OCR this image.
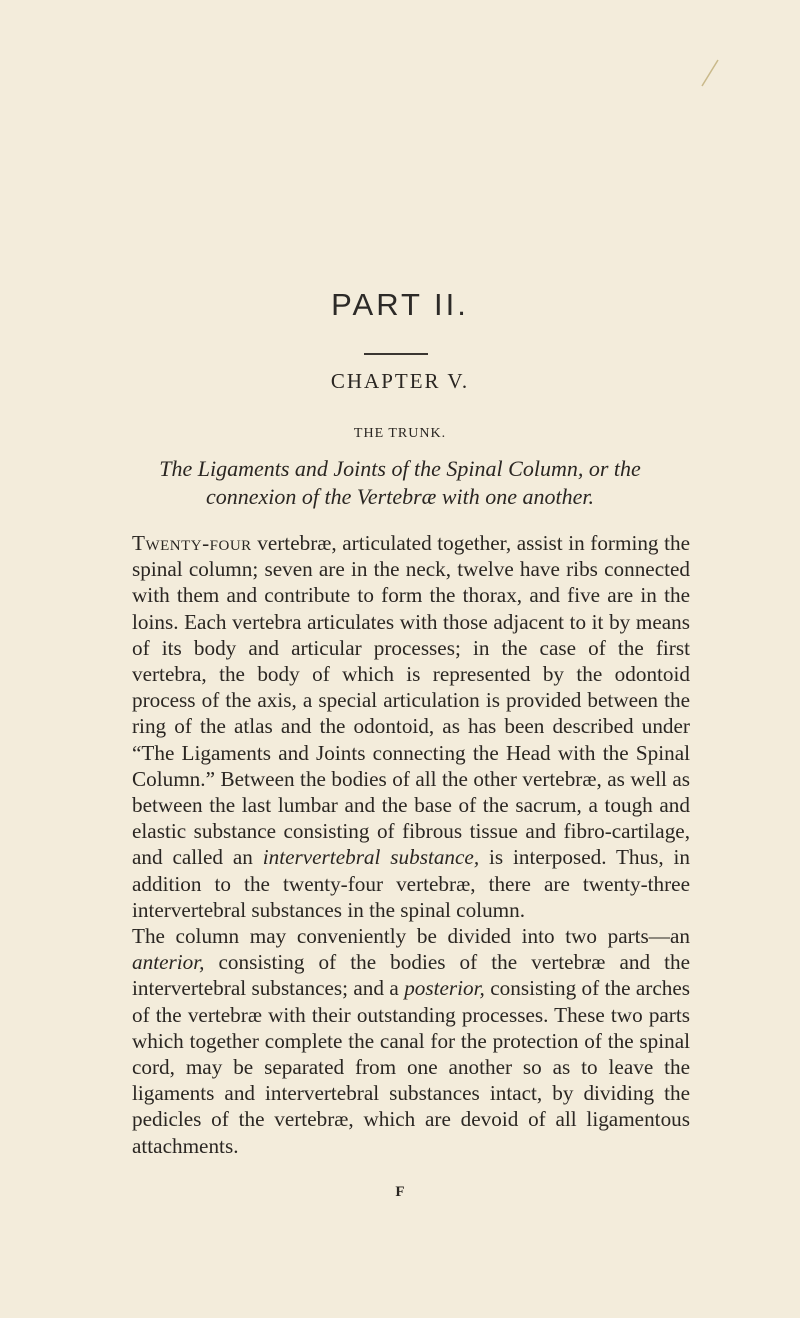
PART II.
CHAPTER V.
THE TRUNK.
The Ligaments and Joints of the Spinal Column, or the connexion of the Vertebræ with one another.

Twenty-four vertebræ, articulated together, assist in forming the spinal column; seven are in the neck, twelve have ribs connected with them and contribute to form the thorax, and five are in the loins. Each vertebra articulates with those adjacent to it by means of its body and articular processes; in the case of the first vertebra, the body of which is represented by the odontoid process of the axis, a special articulation is provided between the ring of the atlas and the odontoid, as has been described under “The Ligaments and Joints connecting the Head with the Spinal Column.” Between the bodies of all the other vertebræ, as well as between the last lumbar and the base of the sacrum, a tough and elastic substance consisting of fibrous tissue and fibro-cartilage, and called an intervertebral substance, is interposed. Thus, in addition to the twenty-four vertebræ, there are twenty-three intervertebral substances in the spinal column.

The column may conveniently be divided into two parts—an anterior, consisting of the bodies of the vertebræ and the intervertebral substances; and a posterior, consisting of the arches of the vertebræ with their outstanding processes. These two parts which together complete the canal for the protection of the spinal cord, may be separated from one another so as to leave the ligaments and intervertebral substances intact, by dividing the pedicles of the vertebræ, which are devoid of all ligamentous attachments.

F
